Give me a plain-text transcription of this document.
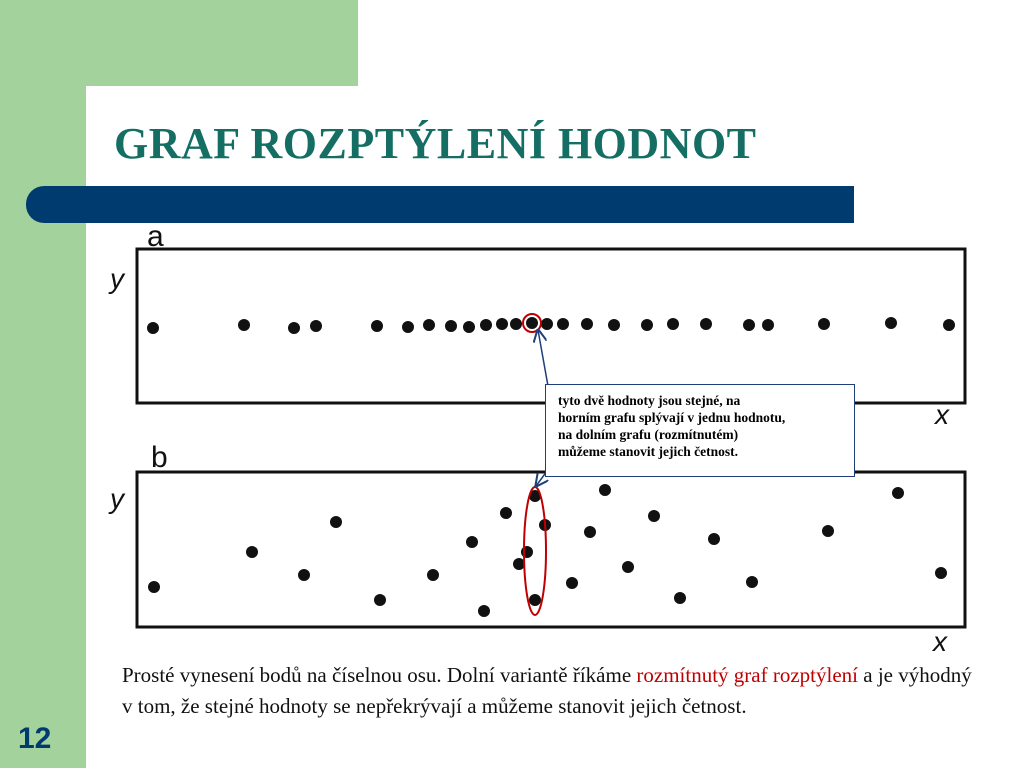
GRAF ROZPTÝLENÍ HODNOT
a
y
x
b
y
x
tyto dvě hodnoty jsou stejné, na
horním grafu splývají v jednu hodnotu,
na dolním grafu (rozmítnutém)
můžeme stanovit jejich četnost.

Prosté vynesení bodů na číselnou osu. Dolní variantě říkáme rozmítnutý graf rozptýlení a je výhodný v tom, že stejné hodnoty se nepřekrývají a můžeme stanovit jejich četnost.

12
